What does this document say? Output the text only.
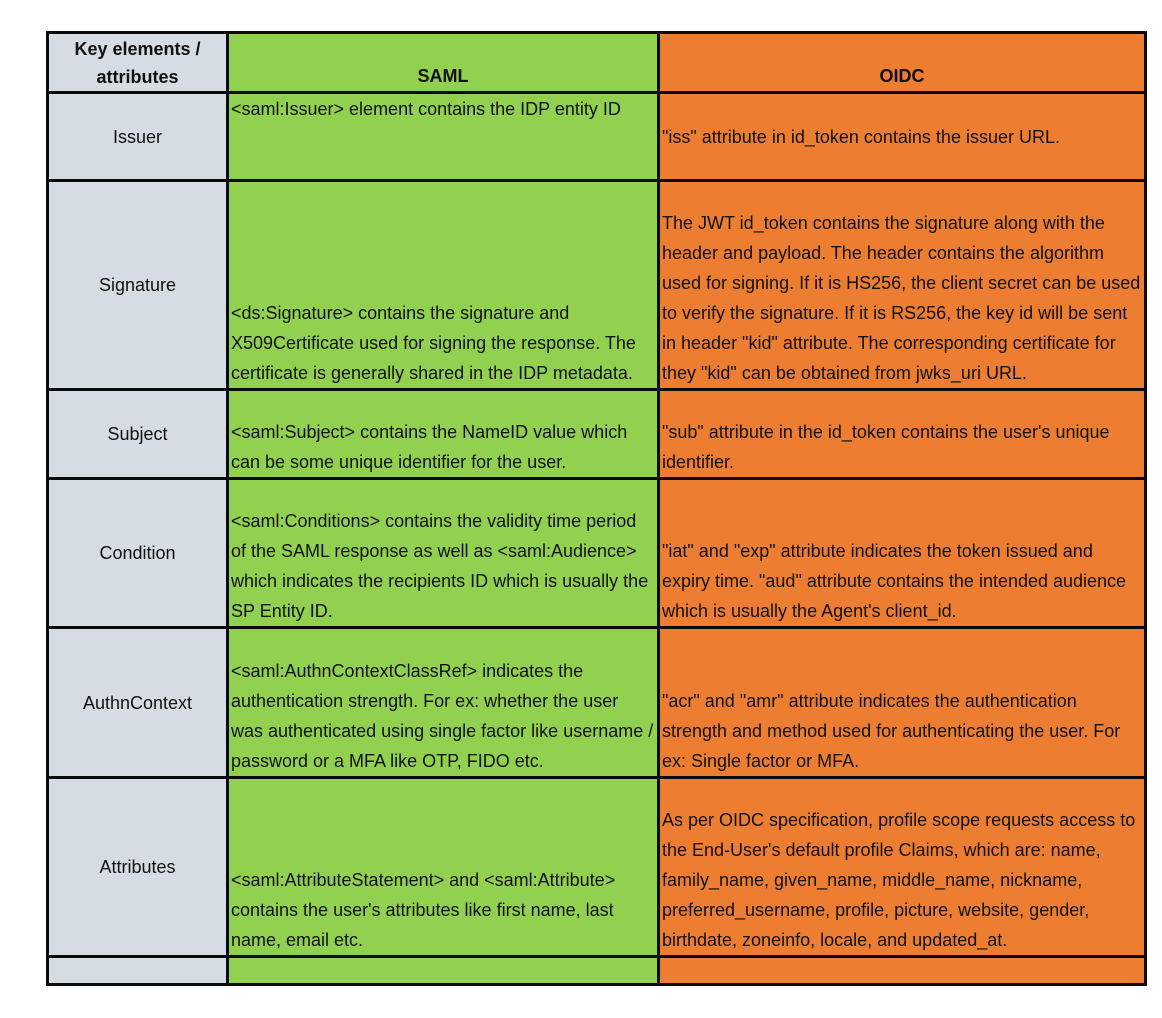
Key elements / attributes	SAML	OIDC
Issuer	<saml:Issuer> element contains the IDP entity ID	"iss" attribute in id_token contains the issuer URL.
Signature	<ds:Signature> contains the signature and X509Certificate used for signing the response. The certificate is generally shared in the IDP metadata.	The JWT id_token contains the signature along with the header and payload. The header contains the algorithm used for signing. If it is HS256, the client secret can be used to verify the signature. If it is RS256, the key id will be sent in header "kid" attribute. The corresponding certificate for they "kid" can be obtained from jwks_uri URL.
Subject	<saml:Subject> contains the NameID value which can be some unique identifier for the user.	"sub" attribute in the id_token contains the user's unique identifier.
Condition	<saml:Conditions> contains the validity time period of the SAML response as well as <saml:Audience> which indicates the recipients ID which is usually the SP Entity ID.	"iat" and "exp" attribute indicates the token issued and expiry time. "aud" attribute contains the intended audience which is usually the Agent's client_id.
AuthnContext	<saml:AuthnContextClassRef> indicates the authentication strength. For ex: whether the user was authenticated using single factor like username / password or a MFA like OTP, FIDO etc.	"acr" and "amr" attribute indicates the authentication strength and method used for authenticating the user. For ex: Single factor or MFA.
Attributes	<saml:AttributeStatement> and <saml:Attribute> contains the user's attributes like first name, last name, email etc.	As per OIDC specification, profile scope requests access to the End-User's default profile Claims, which are: name, family_name, given_name, middle_name, nickname, preferred_username, profile, picture, website, gender, birthdate, zoneinfo, locale, and updated_at.
